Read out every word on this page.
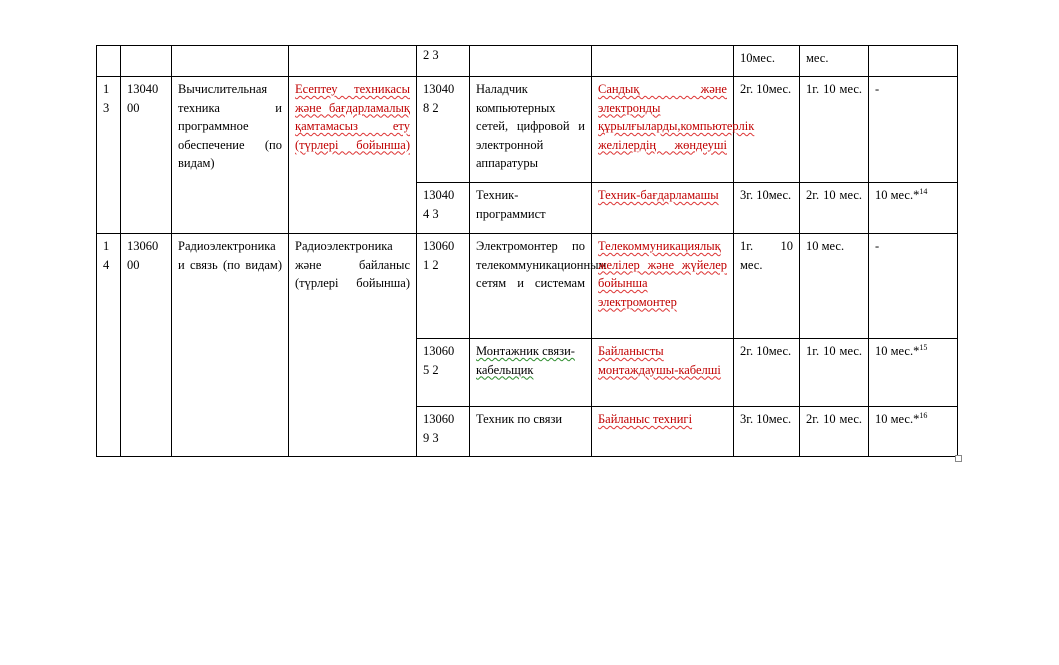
				2 3			10мес.	мес.	
1 3	13040 00	Вычислительная техника и программное обеспечение (по видам)	Есептеу техникасы және бағдарламалық қамтамасыз ету (түрлері бойынша)	13040 8 2	Наладчик компьютерных сетей, цифровой и электронной аппаратуры	Сандық және электронды құрылғыларды,компьютерлік желілердің жөндеуші	2г. 10мес.	1г. 10 мес.	-
				13040 4 3	Техник-программист	Техник-бағдарламашы	3г. 10мес.	2г. 10 мес.	10 мес.*$^{14}$
1 4	13060 00	Радиоэлектроника и связь (по видам)	Радиоэлектроника және байланыс (түрлері бойынша)	13060 1 2	Электромонтер по телекоммуникационным сетям и системам	Телекоммуникациялық желілер және жүйелер бойынша электромонтер	1г. 10 мес.	10 мес.	-
				13060 5 2	Монтажник связи-кабельщик	Байланысты монтаждаушы-кабелші	2г. 10мес.	1г. 10 мес.	10 мес.*$^{15}$
				13060 9 3	Техник по связи	Байланыс технигі	3г. 10мес.	2г. 10 мес.	10 мес.*$^{16}$
